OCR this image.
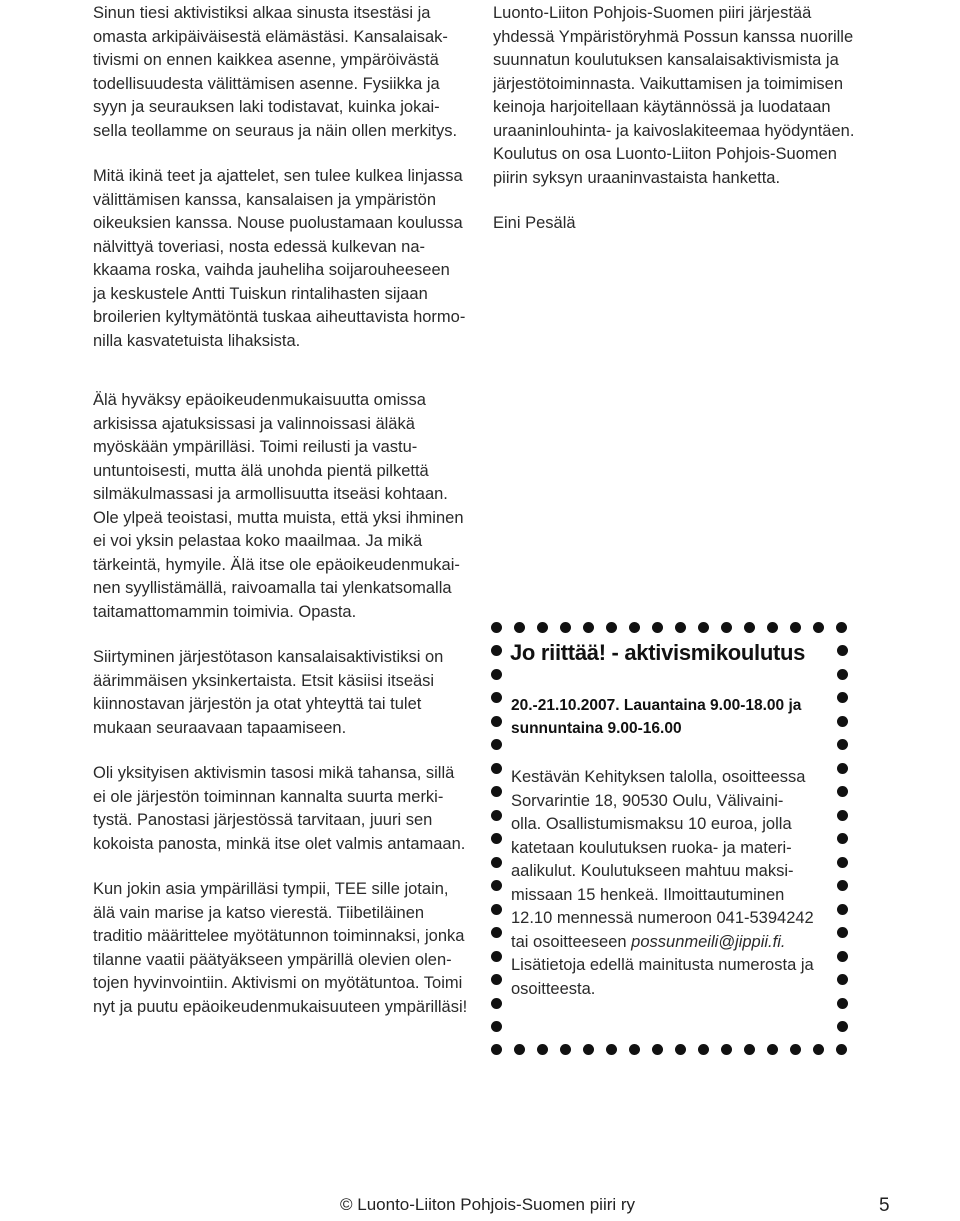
Sinun tiesi aktivistiksi alkaa sinusta itsestäsi ja
omasta arkipäiväisestä elämästäsi. Kansalaisak-
tivismi on ennen kaikkea asenne, ympäröivästä
todellisuudesta välittämisen asenne. Fysiikka ja
syyn ja seurauksen laki todistavat, kuinka jokai-
sella teollamme on seuraus ja näin ollen merkitys.

Mitä ikinä teet ja ajattelet, sen tulee kulkea linjassa
välittämisen kanssa, kansalaisen ja ympäristön
oikeuksien kanssa. Nouse puolustamaan koulussa
nälvittyä toveriasi, nosta edessä kulkevan na-
kkaama roska, vaihda jauheliha soijarouheeseen
ja keskustele Antti Tuiskun rintalihasten sijaan
broilerien kyltymätöntä tuskaa aiheuttavista hormo-
nilla kasvatetuista lihaksista.

Älä hyväksy epäoikeudenmukaisuutta omissa
arkisissa ajatuksissasi ja valinnoissasi äläkä
myöskään ympärilläsi. Toimi reilusti ja vastu-
untuntoisesti, mutta älä unohda pientä pilkettä
silmäkulmassasi ja armollisuutta itseäsi kohtaan.
Ole ylpeä teoistasi, mutta muista, että yksi ihminen
ei voi yksin pelastaa koko maailmaa. Ja mikä
tärkeintä, hymyile. Älä itse ole epäoikeudenmukai-
nen syyllistämällä, raivoamalla tai ylenkatsomalla
taitamattomammin toimivia. Opasta.

Siirtyminen järjestötason kansalaisaktivistiksi on
äärimmäisen yksinkertaista. Etsit käsiisi itseäsi
kiinnostavan järjestön ja otat yhteyttä tai tulet
mukaan seuraavaan tapaamiseen.

Oli yksityisen aktivismin tasosi mikä tahansa, sillä
ei ole järjestön toiminnan kannalta suurta merki-
tystä. Panostasi järjestössä tarvitaan, juuri sen
kokoista panosta, minkä itse olet valmis antamaan.

Kun jokin asia ympärilläsi tympii, TEE sille jotain,
älä vain marise ja katso vierestä. Tiibetiläinen
traditio määrittelee myötätunnon toiminnaksi, jonka
tilanne vaatii päätyäkseen ympärillä olevien olen-
tojen hyvinvointiin. Aktivismi on myötätuntoa. Toimi
nyt ja puutu epäoikeudenmukaisuuteen ympärilläsi!

Luonto-Liiton Pohjois-Suomen piiri järjestää
yhdessä Ympäristöryhmä Possun kanssa nuorille
suunnatun koulutuksen kansalaisaktivismista ja
järjestötoiminnasta. Vaikuttamisen ja toimimisen
keinoja harjoitellaan käytännössä ja luodataan
uraaninlouhinta- ja kaivoslakiteemaa hyödyntäen.
Koulutus on osa Luonto-Liiton Pohjois-Suomen
piirin syksyn uraaninvastaista hanketta.

Eini Pesälä

Jo riittää! - aktivismikoulutus
20.-21.10.2007. Lauantaina 9.00-18.00 ja
sunnuntaina 9.00-16.00
Kestävän Kehityksen talolla, osoitteessa
Sorvarintie 18, 90530 Oulu, Välivaini-
olla. Osallistumismaksu 10 euroa, jolla
katetaan koulutuksen ruoka- ja materi-
aalikulut. Koulutukseen mahtuu maksi-
missaan 15 henkeä. Ilmoittautuminen
12.10 mennessä numeroon 041-5394242
tai osoitteeseen possunmeili@jippii.fi.
Lisätietoja edellä mainitusta numerosta ja
osoitteesta.
© Luonto-Liiton Pohjois-Suomen piiri ry	5
